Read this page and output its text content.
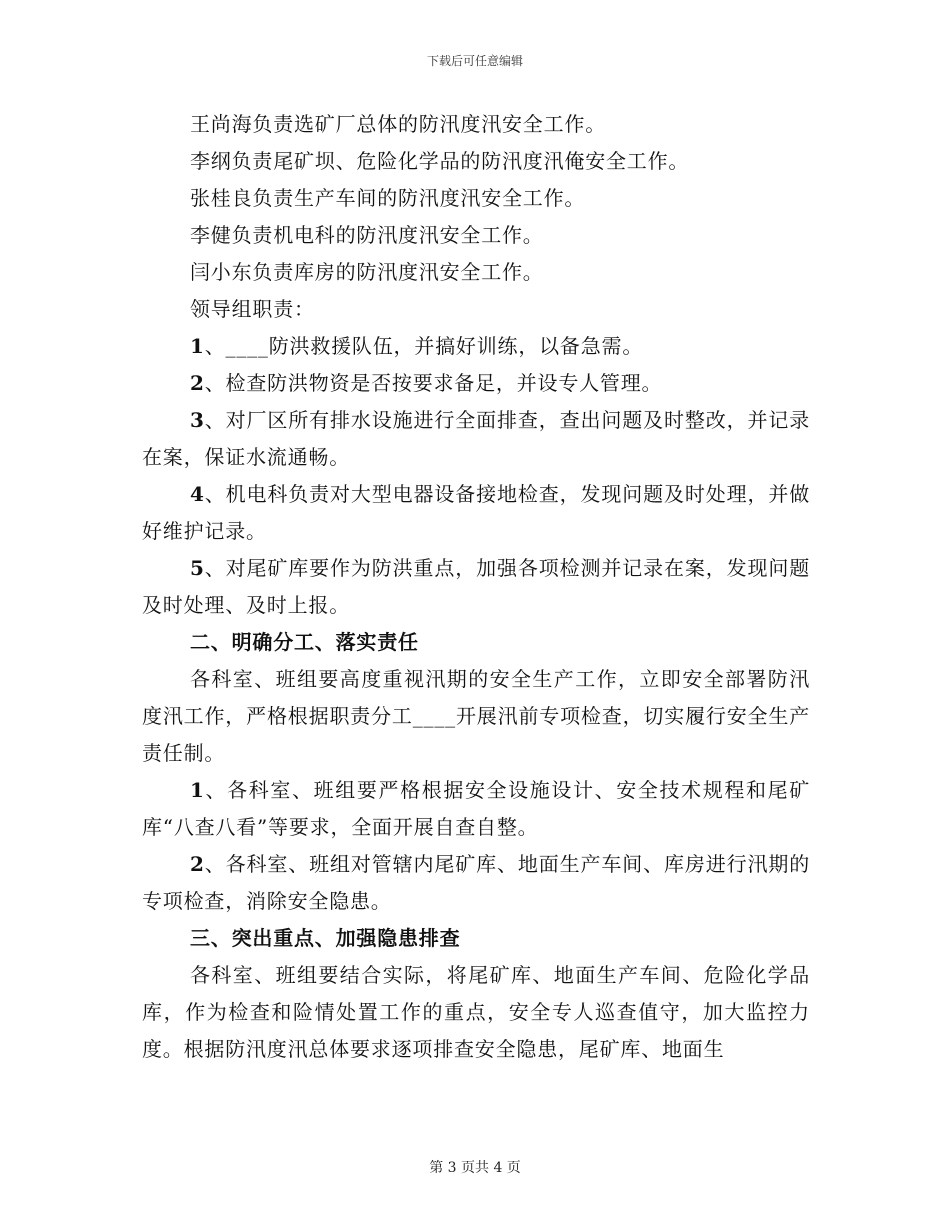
下载后可任意编辑

王尚海负责选矿厂总体的防汛度汛安全工作。

李纲负责尾矿坝、危险化学品的防汛度汛俺安全工作。

张桂良负责生产车间的防汛度汛安全工作。

李健负责机电科的防汛度汛安全工作。

闫小东负责库房的防汛度汛安全工作。

领导组职责：

1、____防洪救援队伍，并搞好训练，以备急需。

2、检查防洪物资是否按要求备足，并设专人管理。

3、对厂区所有排水设施进行全面排查，查出问题及时整改，并记录在案，保证水流通畅。

4、机电科负责对大型电器设备接地检查，发现问题及时处理，并做好维护记录。

5、对尾矿库要作为防洪重点，加强各项检测并记录在案，发现问题及时处理、及时上报。

二、明确分工、落实责任

各科室、班组要高度重视汛期的安全生产工作，立即安全部署防汛度汛工作，严格根据职责分工____开展汛前专项检查，切实履行安全生产责任制。

1、各科室、班组要严格根据安全设施设计、安全技术规程和尾矿库“八查八看”等要求，全面开展自查自整。

2、各科室、班组对管辖内尾矿库、地面生产车间、库房进行汛期的专项检查，消除安全隐患。

三、突出重点、加强隐患排查

各科室、班组要结合实际，将尾矿库、地面生产车间、危险化学品库，作为检查和险情处置工作的重点，安全专人巡查值守，加大监控力度。根据防汛度汛总体要求逐项排查安全隐患，尾矿库、地面生

第 3 页共 4 页
